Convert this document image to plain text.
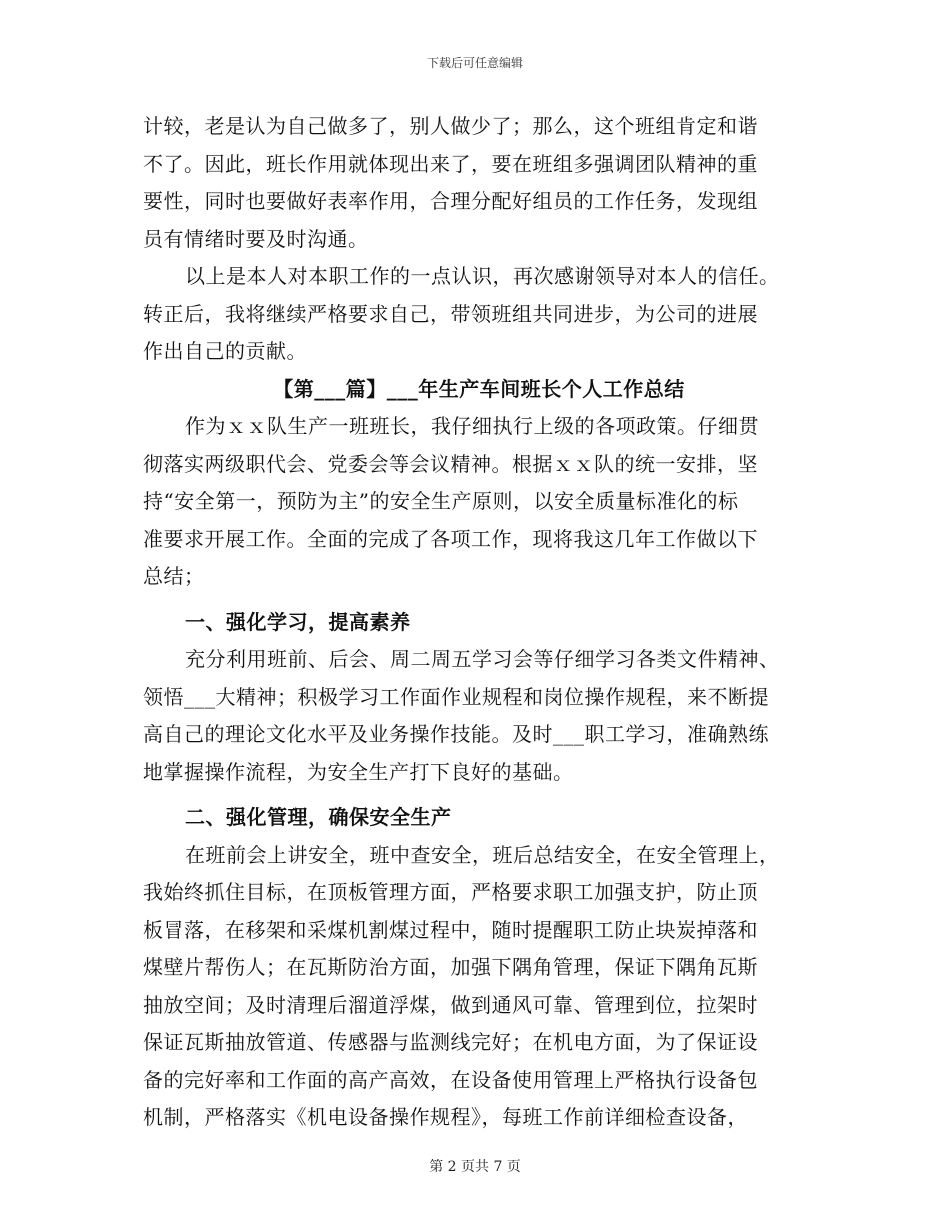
下载后可任意编辑
计较，老是认为自己做多了，别人做少了；那么，这个班组肯定和谐
不了。因此，班长作用就体现出来了，要在班组多强调团队精神的重
要性，同时也要做好表率作用，合理分配好组员的工作任务，发现组
员有情绪时要及时沟通。
以上是本人对本职工作的一点认识，再次感谢领导对本人的信任。
转正后，我将继续严格要求自己，带领班组共同进步，为公司的进展
作出自己的贡献。
【第___篇】___年生产车间班长个人工作总结
作为ｘｘ队生产一班班长，我仔细执行上级的各项政策。仔细贯
彻落实两级职代会、党委会等会议精神。根据ｘｘ队的统一安排，坚
持“安全第一，预防为主”的安全生产原则，以安全质量标准化的标
准要求开展工作。全面的完成了各项工作，现将我这几年工作做以下
总结；
一、强化学习，提高素养
充分利用班前、后会、周二周五学习会等仔细学习各类文件精神、
领悟___大精神；积极学习工作面作业规程和岗位操作规程，来不断提
高自己的理论文化水平及业务操作技能。及时___职工学习，准确熟练
地掌握操作流程，为安全生产打下良好的基础。
二、强化管理，确保安全生产
在班前会上讲安全，班中查安全，班后总结安全，在安全管理上，
我始终抓住目标，在顶板管理方面，严格要求职工加强支护，防止顶
板冒落，在移架和采煤机割煤过程中，随时提醒职工防止块炭掉落和
煤壁片帮伤人；在瓦斯防治方面，加强下隅角管理，保证下隅角瓦斯
抽放空间；及时清理后溜道浮煤，做到通风可靠、管理到位，拉架时
保证瓦斯抽放管道、传感器与监测线完好；在机电方面，为了保证设
备的完好率和工作面的高产高效，在设备使用管理上严格执行设备包
机制，严格落实《机电设备操作规程》，每班工作前详细检查设备，
第 2 页共 7 页
